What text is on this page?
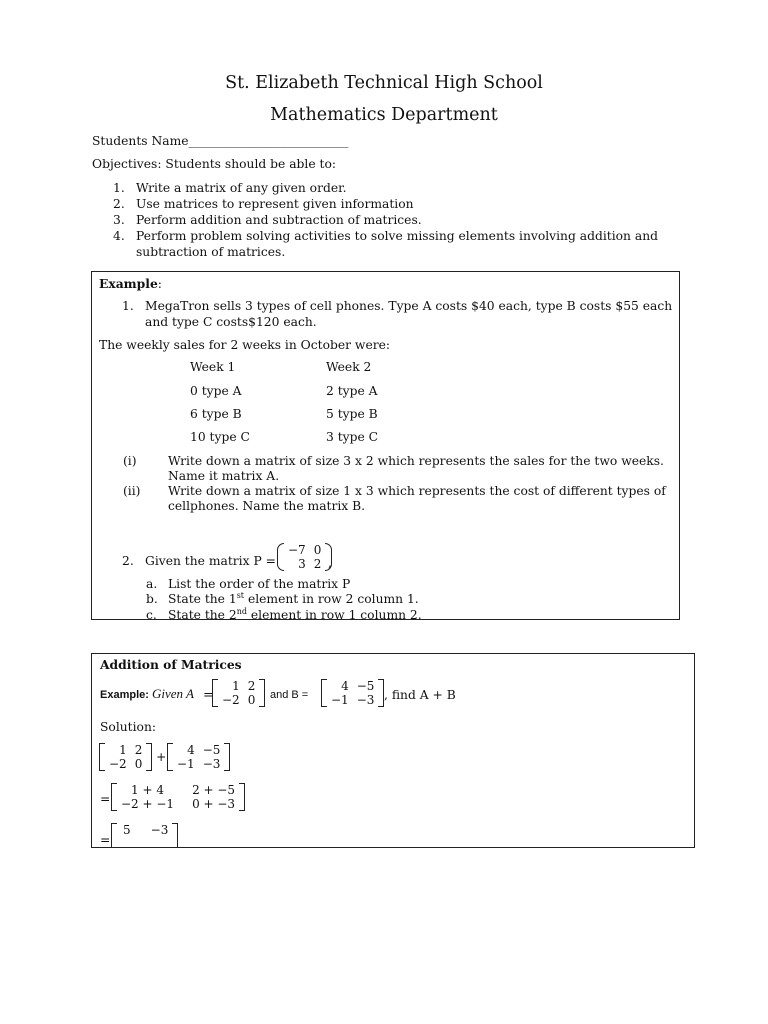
St. Elizabeth Technical High School
Mathematics Department
Students Name__________________________
Objectives: Students should be able to:
1. Write a matrix of any given order.
2. Use matrices to represent given information
3. Perform addition and subtraction of matrices.
4. Perform problem solving activities to solve missing elements involving addition and
subtraction of matrices.
Example:
1. MegaTron sells 3 types of cell phones. Type A costs $40 each, type B costs $55 each
and type C costs$120 each.
The weekly sales for 2 weeks in October were:
Week 1	Week 2
0 type A	2 type A
6 type B	5 type B
10 type C	3 type C
(i)	Write down a matrix of size 3 x 2 which represents the sales for the two weeks.
Name it matrix A.
(ii) Write down a matrix of size 1 x 3 which represents the cost of different types of
cellphones. Name the matrix B.
2. Given the matrix P =
−7	0
3	2 ,
a. List the order of the matrix P
b. State the 1st element in row 2 column 1.
c. State the 2nd element in row 1 column 2.
Addition of Matrices
Example: Given A =
1	2
−2	0 and B =
4	−5
−1	−3 , find A + B
Solution:
1	2
−2	0 + 4	−5
−1	−3
=
1 + 4	2 + −5
−2 + −1	0 + −3
=
5	−3
